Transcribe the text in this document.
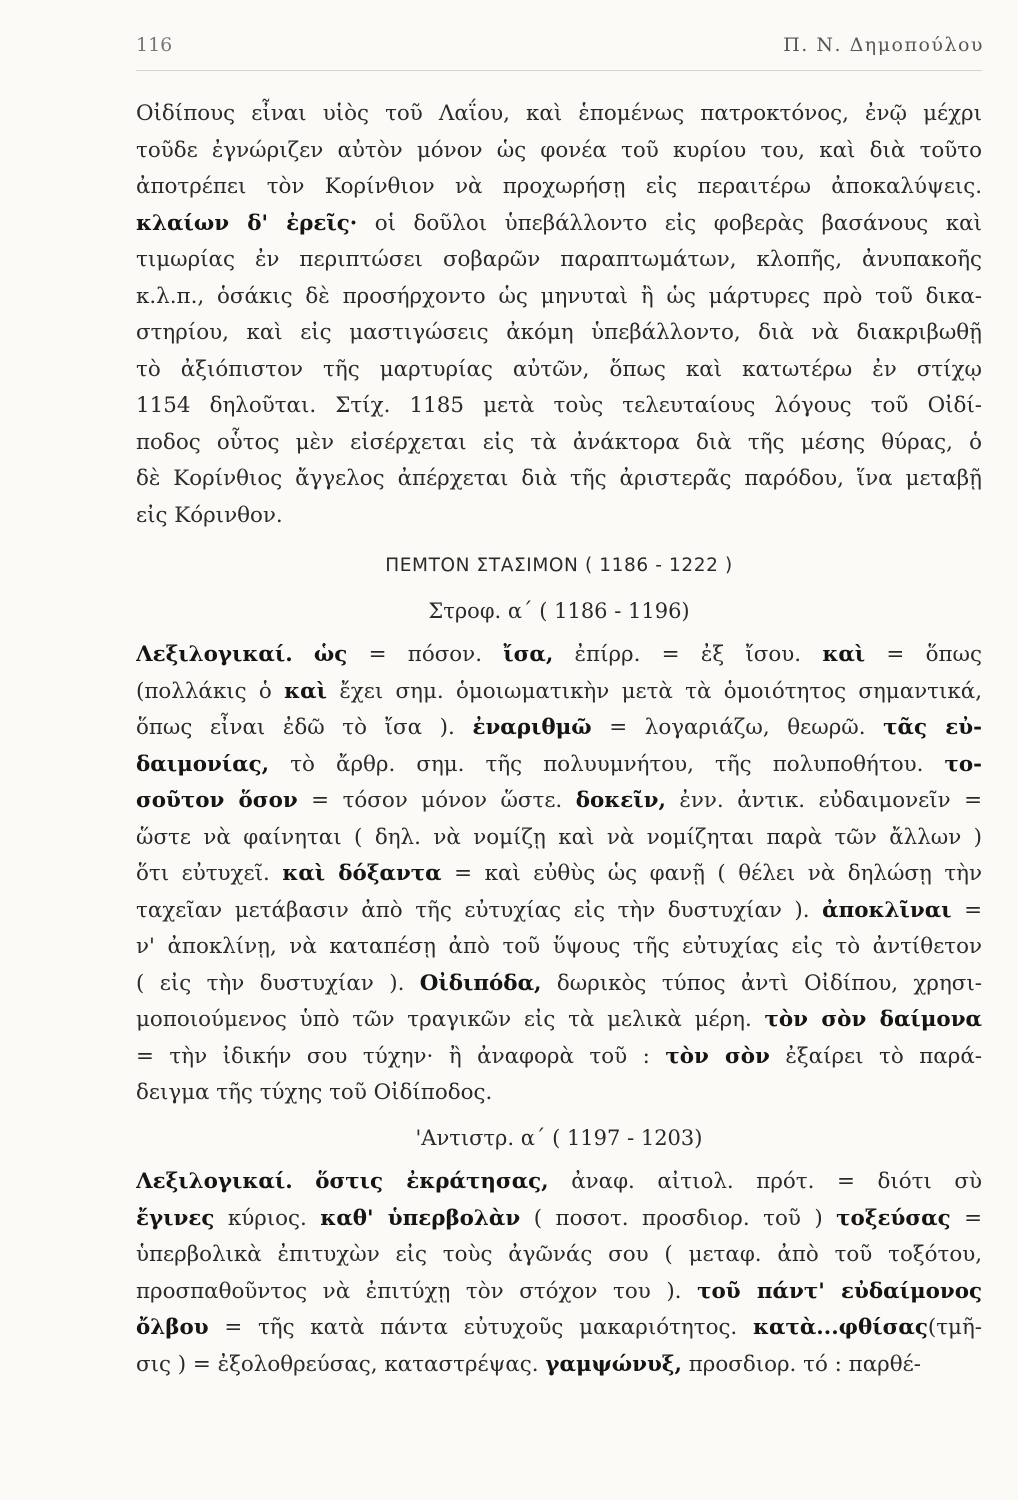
116	Π. Ν. Δημοπούλου
Οἰδίπους εἶναι υἱὸς τοῦ Λαΐου, καὶ ἑπομένως πατροκτόνος, ἐνῷ μέχρι
τοῦδε ἐγνώριζεν αὐτὸν μόνον ὡς φονέα τοῦ κυρίου του, καὶ διὰ τοῦτο
ἀποτρέπει τὸν Κορίνθιον νὰ προχωρήσῃ εἰς περαιτέρω ἀποκαλύψεις.
κλαίων δ' ἐρεῖς· οἱ δοῦλοι ὑπεβάλλοντο εἰς φοβερὰς βασάνους καὶ
τιμωρίας ἐν περιπτώσει σοβαρῶν παραπτωμάτων, κλοπῆς, ἀνυπακοῆς
κ.λ.π., ὁσάκις δὲ προσήρχοντο ὡς μηνυταὶ ἢ ὡς μάρτυρες πρὸ τοῦ δικα-
στηρίου, καὶ εἰς μαστιγώσεις ἀκόμη ὑπεβάλλοντο, διὰ νὰ διακριβωθῇ
τὸ ἀξιόπιστον τῆς μαρτυρίας αὐτῶν, ὅπως καὶ κατωτέρω ἐν στίχῳ
1154 δηλοῦται. Στίχ. 1185 μετὰ τοὺς τελευταίους λόγους τοῦ Οἰδί-
ποδος οὗτος μὲν εἰσέρχεται εἰς τὰ ἀνάκτορα διὰ τῆς μέσης θύρας, ὁ
δὲ Κορίνθιος ἄγγελος ἀπέρχεται διὰ τῆς ἀριστερᾶς παρόδου, ἵνα μεταβῇ
εἰς Κόρινθον.
ΠΕΜΤΟΝ ΣΤΑΣΙΜΟΝ ( 1186 - 1222 )
Στροφ. α΄ ( 1186 - 1196)
Λεξιλογικαί. ὡς = πόσον. ἴσα, ἐπίρρ. = ἐξ ἴσου. καὶ = ὅπως
(πολλάκις ὁ καὶ ἔχει σημ. ὁμοιωματικὴν μετὰ τὰ ὁμοιότητος σημαντικά,
ὅπως εἶναι ἐδῶ τὸ ἴσα ). ἐναριθμῶ = λογαριάζω, θεωρῶ. τᾶς εὐ-
δαιμονίας, τὸ ἄρθρ. σημ. τῆς πολυυμνήτου, τῆς πολυποθήτου. το-
σοῦτον ὅσον = τόσον μόνον ὥστε. δοκεῖν, ἐνν. ἀντικ. εὐδαιμονεῖν =
ὥστε νὰ φαίνηται ( δηλ. νὰ νομίζῃ καὶ νὰ νομίζηται παρὰ τῶν ἄλλων )
ὅτι εὐτυχεῖ. καὶ δόξαντα = καὶ εὐθὺς ὡς φανῇ ( θέλει νὰ δηλώσῃ τὴν
ταχεῖαν μετάβασιν ἀπὸ τῆς εὐτυχίας εἰς τὴν δυστυχίαν ). ἀποκλῖναι =
ν' ἀποκλίνῃ, νὰ καταπέσῃ ἀπὸ τοῦ ὕψους τῆς εὐτυχίας εἰς τὸ ἀντίθετον
( εἰς τὴν δυστυχίαν ). Οἰδιπόδα, δωρικὸς τύπος ἀντὶ Οἰδίπου, χρησι-
μοποιούμενος ὑπὸ τῶν τραγικῶν εἰς τὰ μελικὰ μέρη. τὸν σὸν δαίμονα
= τὴν ἰδικήν σου τύχην· ἢ ἀναφορὰ τοῦ : τὸν σὸν ἐξαίρει τὸ παρά-
δειγμα τῆς τύχης τοῦ Οἰδίποδος.
'Αντιστρ. α΄ ( 1197 - 1203)
Λεξιλογικαί. ὅστις ἐκράτησας, ἀναφ. αἰτιολ. πρότ. = διότι σὺ
ἔγινες κύριος. καθ' ὑπερβολὰν ( ποσοτ. προσδιορ. τοῦ ) τοξεύσας =
ὑπερβολικὰ ἐπιτυχὼν εἰς τοὺς ἀγῶνάς σου ( μεταφ. ἀπὸ τοῦ τοξότου,
προσπαθοῦντος νὰ ἐπιτύχῃ τὸν στόχον του ). τοῦ πάντ' εὐδαίμονος
ὄλβου = τῆς κατὰ πάντα εὐτυχοῦς μακαριότητος. κατὰ...φθίσας(τμῆ-
σις ) = ἐξολοθρεύσας, καταστρέψας. γαμψώνυξ, προσδιορ. τό : παρθέ-
